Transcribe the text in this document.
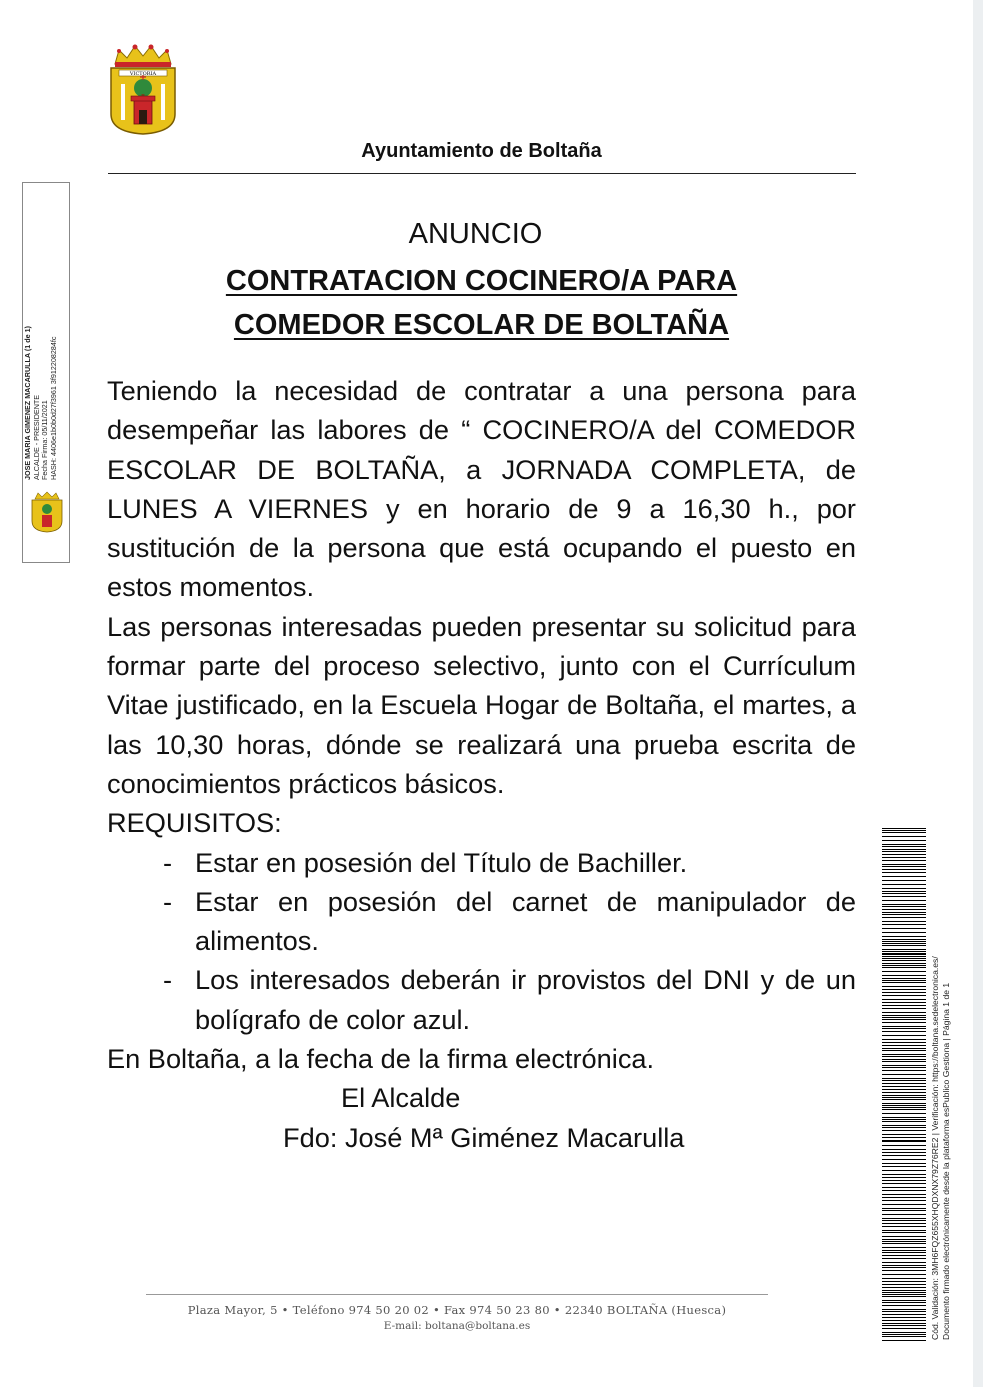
VICTORIA
Ayuntamiento de Boltaña
JOSE MARIA GIMENEZ MACARULLA (1 de 1) ALCALDE - PRESIDENTE Fecha Firma: 05/11/2021 HASH: 4406e1b0b0d27f3961 3f912208284fc
ANUNCIO
CONTRATACION COCINERO/A PARA
COMEDOR ESCOLAR DE BOLTAÑA

Teniendo la necesidad de contratar a una persona para desempeñar las labores de “ COCINERO/A del COMEDOR ESCOLAR DE BOLTAÑA, a JORNADA COMPLETA, de LUNES A VIERNES y en horario de 9 a 16,30 h., por sustitución de la persona que está ocupando el puesto en estos momentos.

Las personas interesadas pueden presentar su solicitud para formar parte del proceso selectivo, junto con el Currículum Vitae justificado, en la Escuela Hogar de Boltaña, el martes, a las 10,30 horas, dónde se realizará una prueba escrita de conocimientos prácticos básicos.

REQUISITOS:

- Estar en posesión del Título de Bachiller.
- Estar en posesión del carnet de manipulador de alimentos.
- Los interesados deberán ir provistos del DNI y de un bolígrafo de color azul.

En Boltaña, a la fecha de la firma electrónica.

El Alcalde

Fdo: José Mª Giménez Macarulla

Plaza Mayor, 5 • Teléfono 974 50 20 02 • Fax 974 50 23 80 • 22340 BOLTAÑA (Huesca)
E-mail: boltana@boltana.es	Cód. Validación: 3MH6FQZ655XHQDXNX79Z76RE2 | Verificación: https://boltana.sedelectronica.es/ Documento firmado electrónicamente desde la plataforma esPublico Gestiona | Página 1 de 1
